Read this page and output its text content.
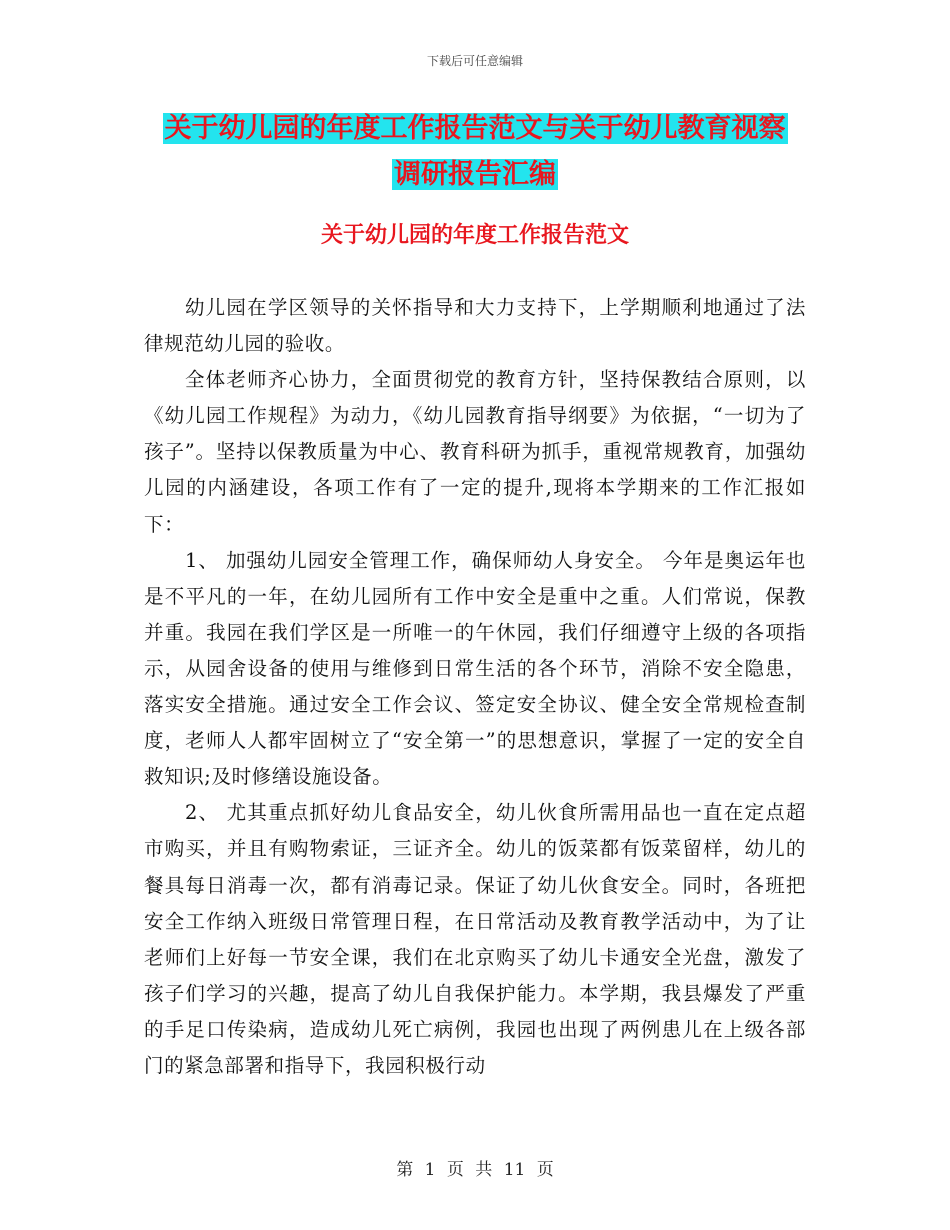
下载后可任意编辑
关于幼儿园的年度工作报告范文与关于幼儿教育视察
调研报告汇编
关于幼儿园的年度工作报告范文

幼儿园在学区领导的关怀指导和大力支持下，上学期顺利地通过了法律规范幼儿园的验收。

全体老师齐心协力，全面贯彻党的教育方针，坚持保教结合原则，以《幼儿园工作规程》为动力，《幼儿园教育指导纲要》为依据，“一切为了孩子”。坚持以保教质量为中心、教育科研为抓手，重视常规教育，加强幼儿园的内涵建设，各项工作有了一定的提升,现将本学期来的工作汇报如下：

1、 加强幼儿园安全管理工作，确保师幼人身安全。 今年是奥运年也是不平凡的一年，在幼儿园所有工作中安全是重中之重。人们常说，保教并重。我园在我们学区是一所唯一的午休园，我们仔细遵守上级的各项指示，从园舍设备的使用与维修到日常生活的各个环节，消除不安全隐患，落实安全措施。通过安全工作会议、签定安全协议、健全安全常规检查制度，老师人人都牢固树立了“安全第一”的思想意识，掌握了一定的安全自救知识;及时修缮设施设备。

2、 尤其重点抓好幼儿食品安全，幼儿伙食所需用品也一直在定点超市购买，并且有购物索证，三证齐全。幼儿的饭菜都有饭菜留样，幼儿的餐具每日消毒一次，都有消毒记录。保证了幼儿伙食安全。同时，各班把安全工作纳入班级日常管理日程，在日常活动及教育教学活动中，为了让老师们上好每一节安全课，我们在北京购买了幼儿卡通安全光盘，激发了孩子们学习的兴趣，提高了幼儿自我保护能力。本学期，我县爆发了严重的手足口传染病，造成幼儿死亡病例，我园也出现了两例患儿在上级各部门的紧急部署和指导下，我园积极行动

第 1 页 共 11 页
